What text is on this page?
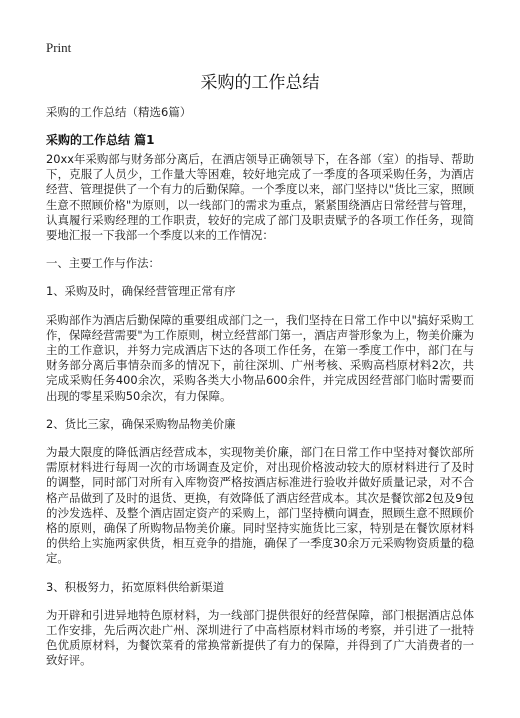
Print
采购的工作总结
采购的工作总结（精选6篇）
采购的工作总结 篇1

20xx年采购部与财务部分离后，在酒店领导正确领导下，在各部（室）的指导、帮助下，克服了人员少，工作量大等困难，较好地完成了一季度的各项采购任务，为酒店经营、管理提供了一个有力的后勤保障。一个季度以来，部门坚持以"货比三家，照顾生意不照顾价格"为原则，以一线部门的需求为重点，紧紧围绕酒店日常经营与管理，认真履行采购经理的工作职责，较好的完成了部门及职责赋予的各项工作任务，现简要地汇报一下我部一个季度以来的工作情况：

一、主要工作与作法：

1、采购及时，确保经营管理正常有序

采购部作为酒店后勤保障的重要组成部门之一，我们坚持在日常工作中以"搞好采购工作，保障经营需要"为工作原则，树立经营部门第一，酒店声誉形象为上，物美价廉为主的工作意识，并努力完成酒店下达的各项工作任务，在第一季度工作中，部门在与财务部分离后事情杂而多的情况下，前往深圳、广州考核、采购高档原材料2次，共完成采购任务400余次，采购各类大小物品600余件，并完成因经营部门临时需要而出现的零星采购50余次，有力保障。

2、货比三家，确保采购物品物美价廉

为最大限度的降低酒店经营成本，实现物美价廉，部门在日常工作中坚持对餐饮部所需原材料进行每周一次的市场调查及定价，对出现价格波动较大的原材料进行了及时的调整，同时部门对所有入库物资严格按酒店标准进行验收并做好质量记录，对不合格产品做到了及时的退货、更换，有效降低了酒店经营成本。其次是餐饮部2包及9包的沙发选样、及整个酒店固定资产的采购上，部门坚持横向调查，照顾生意不照顾价格的原则，确保了所购物品物美价廉。同时坚持实施货比三家，特别是在餐饮原材料的供给上实施两家供货，相互竞争的措施，确保了一季度30余万元采购物资质量的稳定。

3、积极努力，拓宽原料供给新渠道

为开辟和引进异地特色原材料，为一线部门提供很好的经营保障，部门根据酒店总体工作安排，先后两次赴广州、深圳进行了中高档原材料市场的考察，并引进了一批特色优质原材料，为餐饮菜肴的常换常新提供了有力的保障，并得到了广大消费者的一致好评。
